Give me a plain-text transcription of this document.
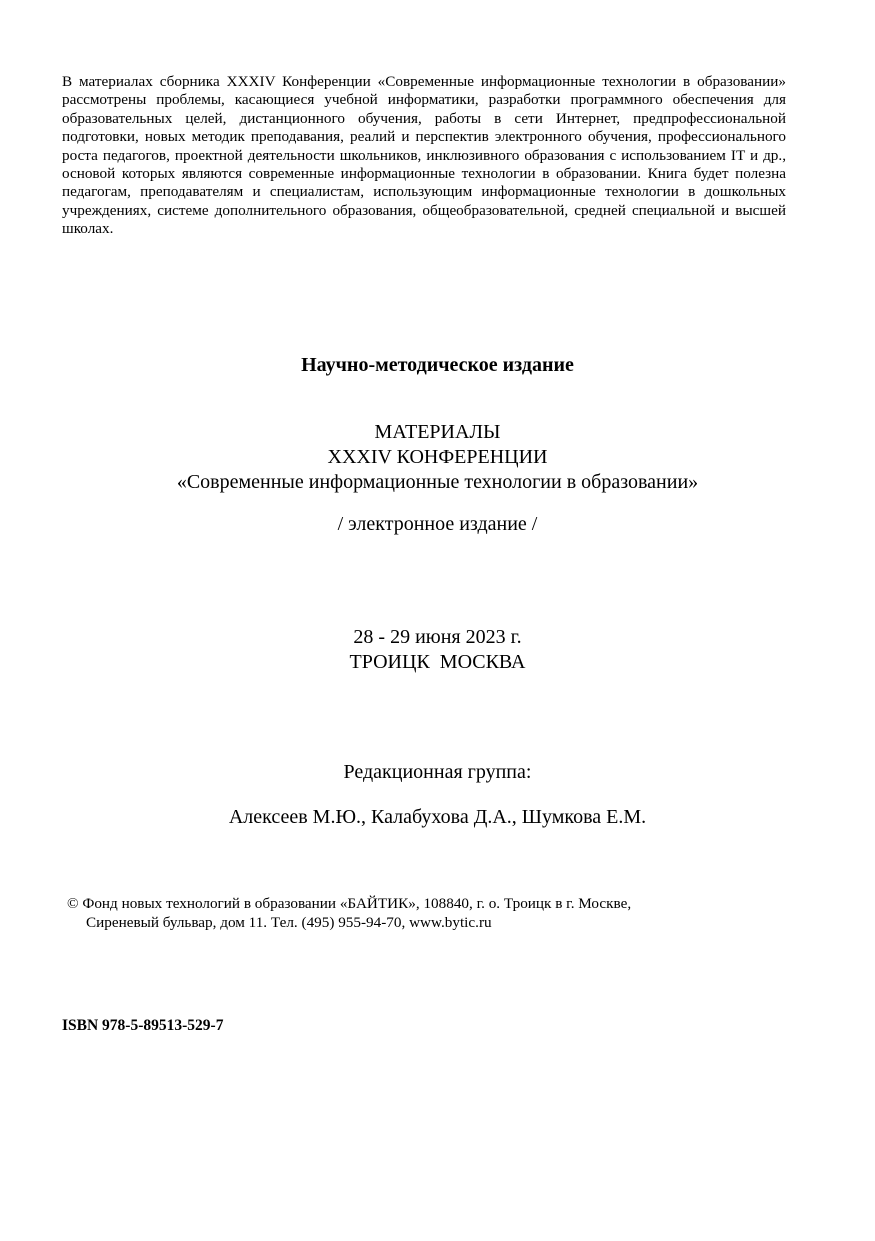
В материалах сборника XXXIV Конференции «Современные информационные технологии в образовании» рассмотрены проблемы, касающиеся учебной информатики, разработки программного обеспечения для образовательных целей, дистанционного обучения, работы в сети Интернет, предпрофессиональной подготовки, новых методик преподавания, реалий и перспектив электронного обучения, профессионального роста педагогов, проектной деятельности школьников, инклюзивного образования с использованием IT и др., основой которых являются современные информационные технологии в образовании. Книга будет полезна педагогам, преподавателям и специалистам, использующим информационные технологии в дошкольных учреждениях, системе дополнительного образования, общеобразовательной, средней специальной и высшей школах.

Научно-методическое издание

МАТЕРИАЛЫ
XXXIV КОНФЕРЕНЦИИ
«Современные информационные технологии в образовании»

/ электронное издание /

28 - 29 июня 2023 г.
ТРОИЦК  МОСКВА

Редакционная группа:

Алексеев М.Ю., Калабухова Д.А., Шумкова Е.М.

© Фонд новых технологий в образовании «БАЙТИК», 108840, г. о. Троицк в г. Москве,
Сиреневый бульвар, дом 11. Тел. (495) 955-94-70, www.bytic.ru

ISBN 978-5-89513-529-7
